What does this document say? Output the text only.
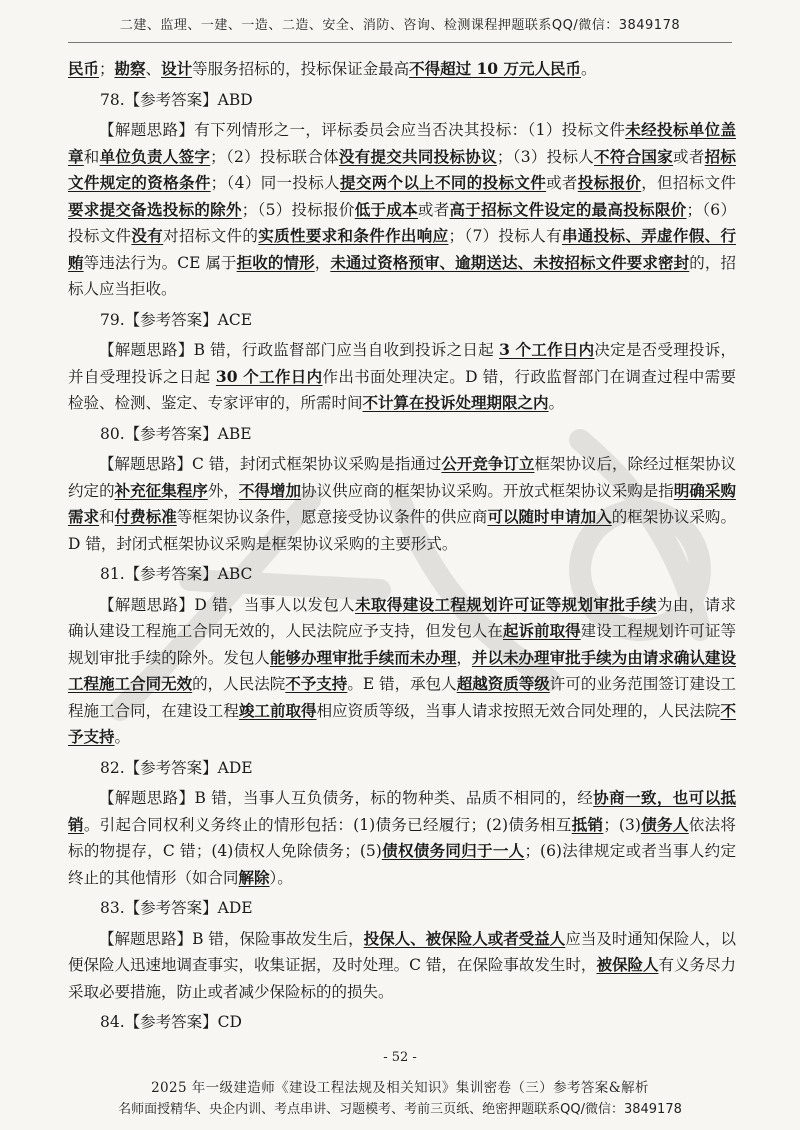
二建、监理、一建、一造、二造、安全、消防、咨询、检测课程押题联系QQ/微信：3849178

民币；勘察、设计等服务招标的，投标保证金最高不得超过 10 万元人民币。

78.【参考答案】ABD

【解题思路】有下列情形之一，评标委员会应当否决其投标：（1）投标文件未经投标单位盖章和单位负责人签字；（2）投标联合体没有提交共同投标协议；（3）投标人不符合国家或者招标文件规定的资格条件；（4）同一投标人提交两个以上不同的投标文件或者投标报价，但招标文件要求提交备选投标的除外；（5）投标报价低于成本或者高于招标文件设定的最高投标限价；（6）投标文件没有对招标文件的实质性要求和条件作出响应；（7）投标人有串通投标、弄虚作假、行贿等违法行为。CE 属于拒收的情形，未通过资格预审、逾期送达、未按招标文件要求密封的，招标人应当拒收。

79.【参考答案】ACE

【解题思路】B 错，行政监督部门应当自收到投诉之日起 3 个工作日内决定是否受理投诉，并自受理投诉之日起 30 个工作日内作出书面处理决定。D 错，行政监督部门在调查过程中需要检验、检测、鉴定、专家评审的，所需时间不计算在投诉处理期限之内。

80.【参考答案】ABE

【解题思路】C 错，封闭式框架协议采购是指通过公开竞争订立框架协议后，除经过框架协议约定的补充征集程序外，不得增加协议供应商的框架协议采购。开放式框架协议采购是指明确采购需求和付费标准等框架协议条件，愿意接受协议条件的供应商可以随时申请加入的框架协议采购。D 错，封闭式框架协议采购是框架协议采购的主要形式。

81.【参考答案】ABC

【解题思路】D 错，当事人以发包人未取得建设工程规划许可证等规划审批手续为由，请求确认建设工程施工合同无效的，人民法院应予支持，但发包人在起诉前取得建设工程规划许可证等规划审批手续的除外。发包人能够办理审批手续而未办理，并以未办理审批手续为由请求确认建设工程施工合同无效的，人民法院不予支持。E 错，承包人超越资质等级许可的业务范围签订建设工程施工合同，在建设工程竣工前取得相应资质等级，当事人请求按照无效合同处理的，人民法院不予支持。

82.【参考答案】ADE

【解题思路】B 错，当事人互负债务，标的物种类、品质不相同的，经协商一致，也可以抵销。引起合同权利义务终止的情形包括：(1)债务已经履行；(2)债务相互抵销；(3)债务人依法将标的物提存，C 错；(4)债权人免除债务；(5)债权债务同归于一人；(6)法律规定或者当事人约定终止的其他情形（如合同解除）。

83.【参考答案】ADE

【解题思路】B 错，保险事故发生后，投保人、被保险人或者受益人应当及时通知保险人，以便保险人迅速地调查事实，收集证据，及时处理。C 错，在保险事故发生时，被保险人有义务尽力采取必要措施，防止或者减少保险标的的损失。

84.【参考答案】CD

- 52 -
2025 年一级建造师《建设工程法规及相关知识》集训密卷（三）参考答案&解析
名师面授精华、央企内训、考点串讲、习题模考、考前三页纸、绝密押题联系QQ/微信：3849178
